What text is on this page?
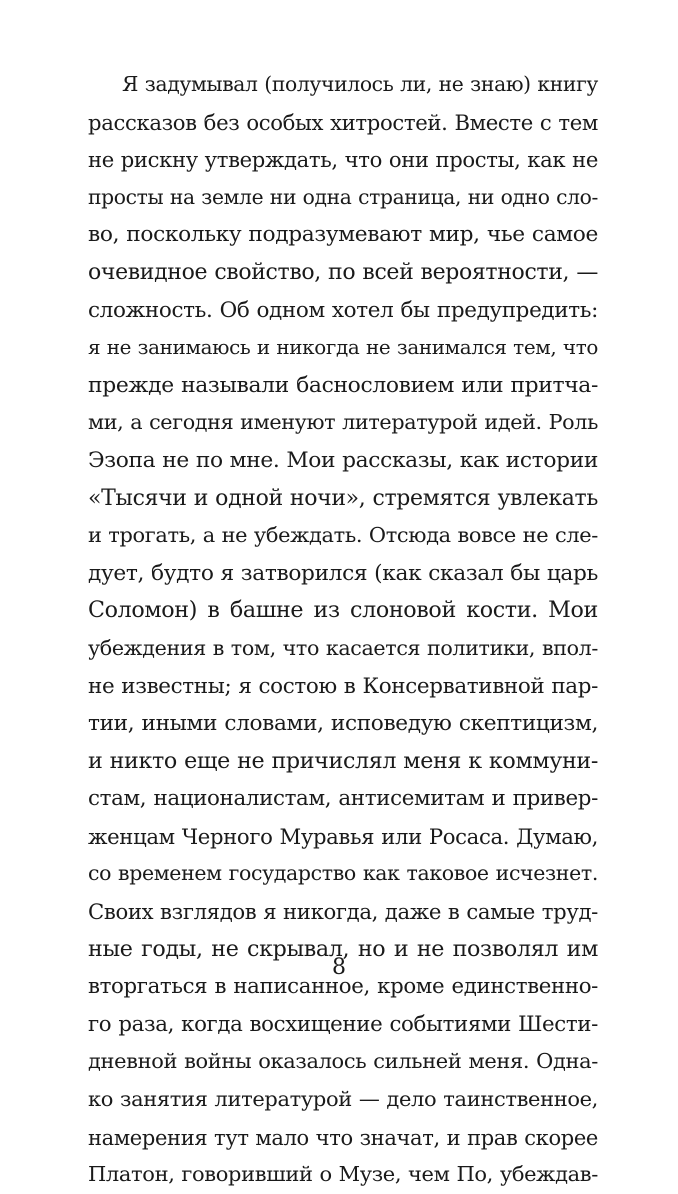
Я задумывал (получилось ли, не знаю) книгу
рассказов без особых хитростей. Вместе с тем
не рискну утверждать, что они просты, как не
просты на земле ни одна страница, ни одно сло-
во, поскольку подразумевают мир, чье самое
очевидное свойство, по всей вероятности, —
сложность. Об одном хотел бы предупредить:
я не занимаюсь и никогда не занимался тем, что
прежде называли баснословием или притча-
ми, а сегодня именуют литературой идей. Роль
Эзопа не по мне. Мои рассказы, как истории
«Тысячи и одной ночи», стремятся увлекать
и трогать, а не убеждать. Отсюда вовсе не сле-
дует, будто я затворился (как сказал бы царь
Соломон) в башне из слоновой кости. Мои
убеждения в том, что касается политики, впол-
не известны; я состою в Консервативной пар-
тии, иными словами, исповедую скептицизм,
и никто еще не причислял меня к коммуни-
стам, националистам, антисемитам и привер-
женцам Черного Муравья или Росаса. Думаю,
со временем государство как таковое исчезнет.
Своих взглядов я никогда, даже в самые труд-
ные годы, не скрывал, но и не позволял им
вторгаться в написанное, кроме единственно-
го раза, когда восхищение событиями Шести-
дневной войны оказалось сильней меня. Одна-
ко занятия литературой — дело таинственное,
намерения тут мало что значат, и прав скорее
Платон, говоривший о Музе, чем По, убеждав-
8
